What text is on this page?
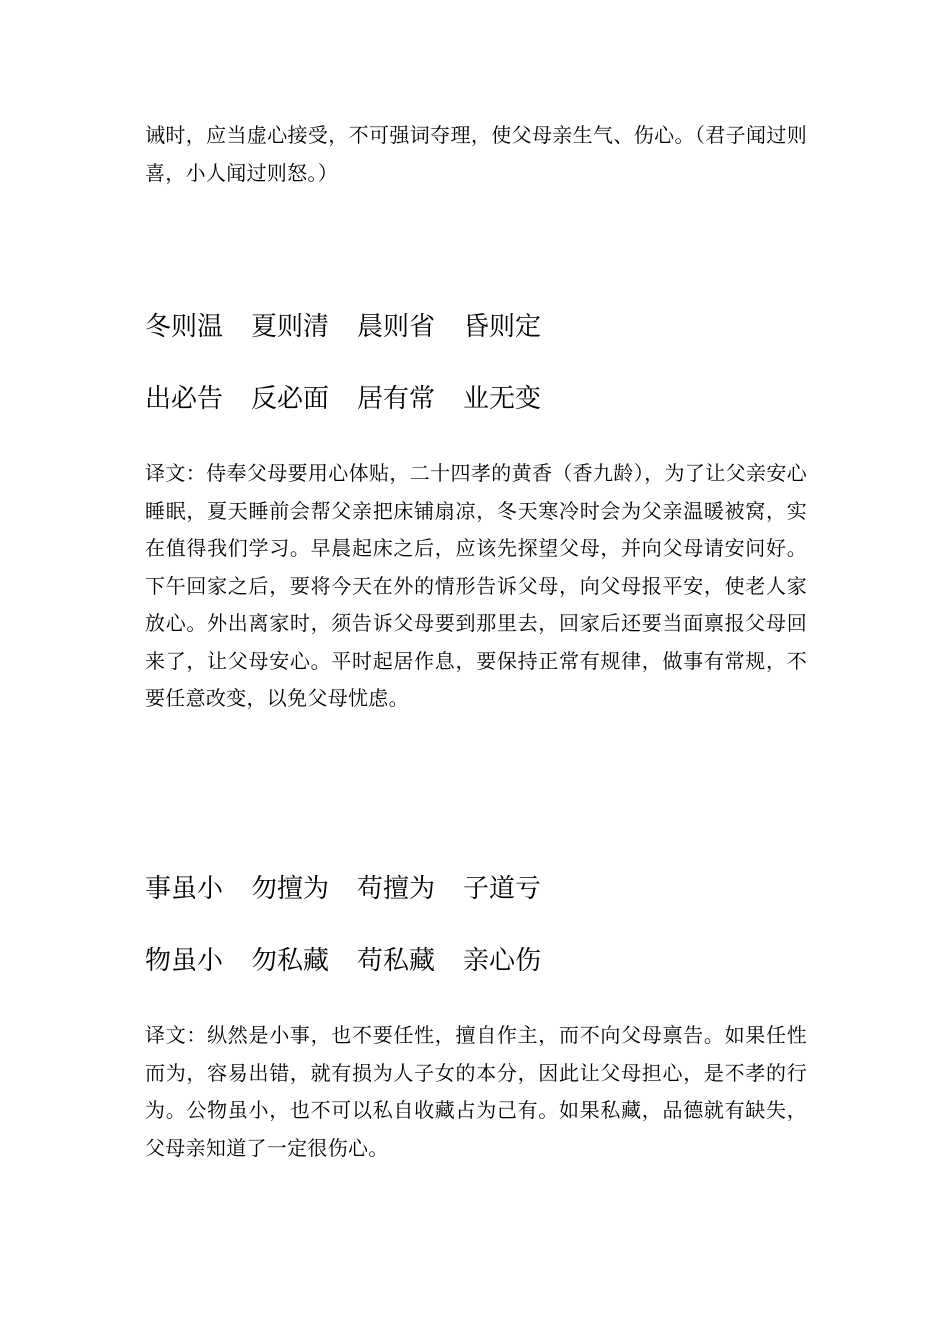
诫时，应当虚心接受，不可强词夺理，使父母亲生气、伤心。（君子闻过则喜，小人闻过则怒。）

冬则温	夏则清	晨则省	昏则定
出必告	反必面	居有常	业无变

译文：侍奉父母要用心体贴，二十四孝的黄香（香九龄），为了让父亲安心睡眠，夏天睡前会帮父亲把床铺扇凉，冬天寒冷时会为父亲温暖被窝，实在值得我们学习。早晨起床之后，应该先探望父母，并向父母请安问好。下午回家之后，要将今天在外的情形告诉父母，向父母报平安，使老人家放心。外出离家时，须告诉父母要到那里去，回家后还要当面禀报父母回来了，让父母安心。平时起居作息，要保持正常有规律，做事有常规，不要任意改变，以免父母忧虑。

事虽小	勿擅为	苟擅为	子道亏
物虽小	勿私藏	苟私藏	亲心伤

译文：纵然是小事，也不要任性，擅自作主，而不向父母禀告。如果任性而为，容易出错，就有损为人子女的本分，因此让父母担心，是不孝的行为。公物虽小，也不可以私自收藏占为己有。如果私藏，品德就有缺失，父母亲知道了一定很伤心。
